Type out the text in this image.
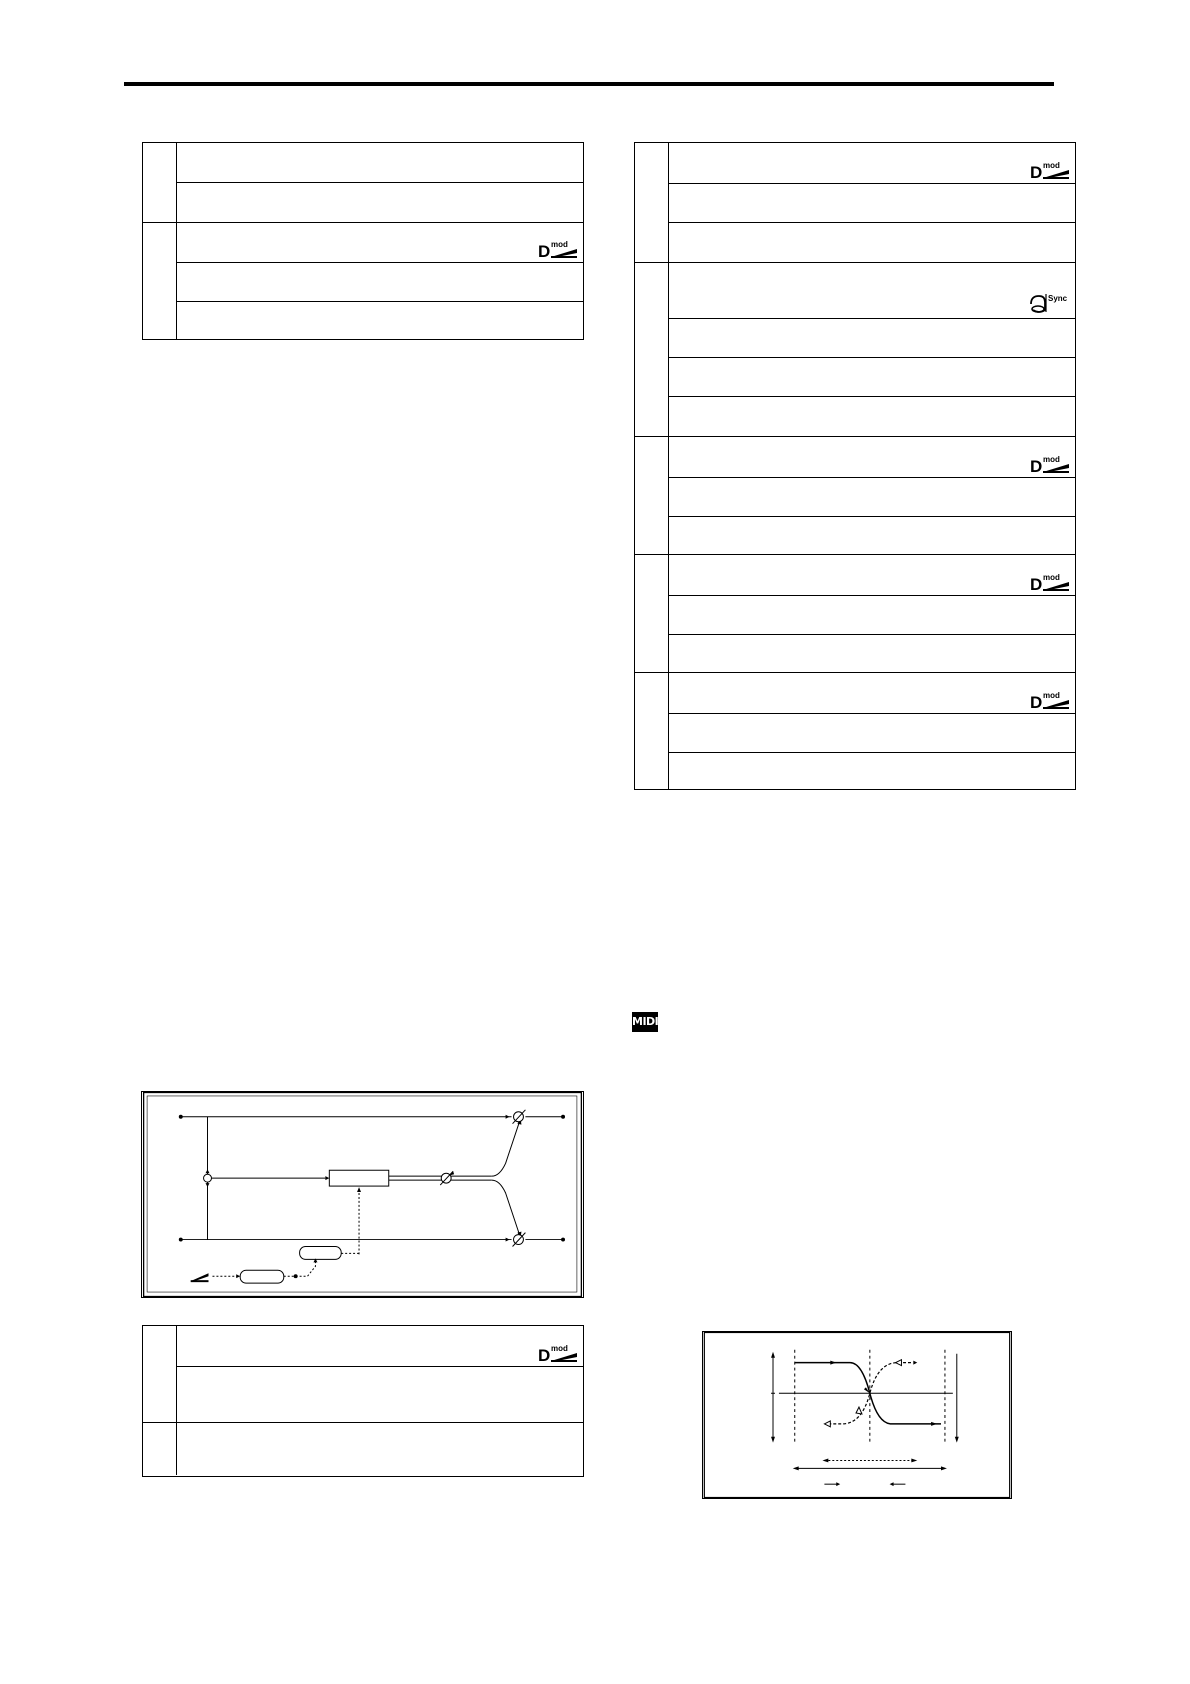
D mod
D mod
Sync
D mod
D mod
D mod
MIDI
D mod
